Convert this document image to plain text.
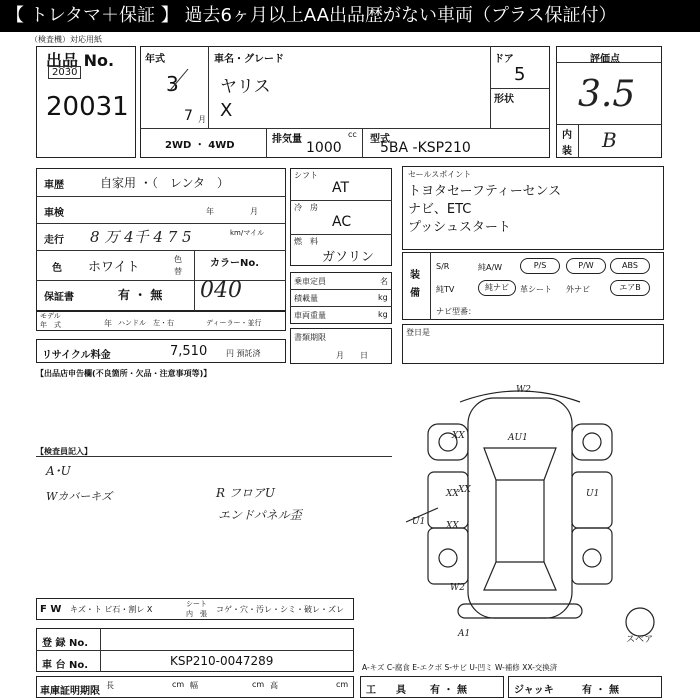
【 トレタマ＋保証 】 過去6ヶ月以上AA出品歴がない車両（プラス保証付）
（検査機）対応用紙
出品 No.
2030
20031
年式
3
7 月
車名・グレード
ヤリス
X
ドア
5
形状
2WD ・ 4WD
排気量	cc
1000
型式
5BA -KSP210
評価点
3.5
内
装 B
車歴	自家用 ・（　レンタ　）
車検	年	月
走行 8 万 4千 4 7 5	km/マイル
色 ホワイト
色
替
カラーNo.
040
保証書	有 ・ 無
モデル
年　式	年 ハンドル　左・右	ディーラー・並行
リサイクル料金	7,510 円 預託済
シフト
AT
冷　房
AC
燃　料
ガソリン
乗車定員	名
積載量	kg
車両重量	kg
書類期限
月　　日
セールスポイント
トヨタセーフティーセンス
ナビ、ETC
プッシュスタート
装
備
S/R	純A/W	P/S	P/W	ABS
純TV	純ナビ	革シート 外ナビ	エアB
ナビ型番：
登日是
【出品店申告欄(不良箇所・欠品・注意事項等)】
【検査員記入】
A･U
Wカバーキズ	R フロアU
エンドパネル歪
W2
XX
XX
AU1
XX
XX
U1
U1
W2
A1
スペア
F W キズ・ト ビ石・割レ X
シート
内　張 コゲ・穴・汚レ・シミ・破レ・ズレ
登 録 No.
車 台 No.	KSP210-0047289	A-キズ C-腐食 E-エクボ S-サビ U-凹ミ W-補修 XX-交換済
車庫証明期限
長	cm 幅	cm 高	cm
工　　具 有 ・ 無	ジャッキ	有 ・ 無
